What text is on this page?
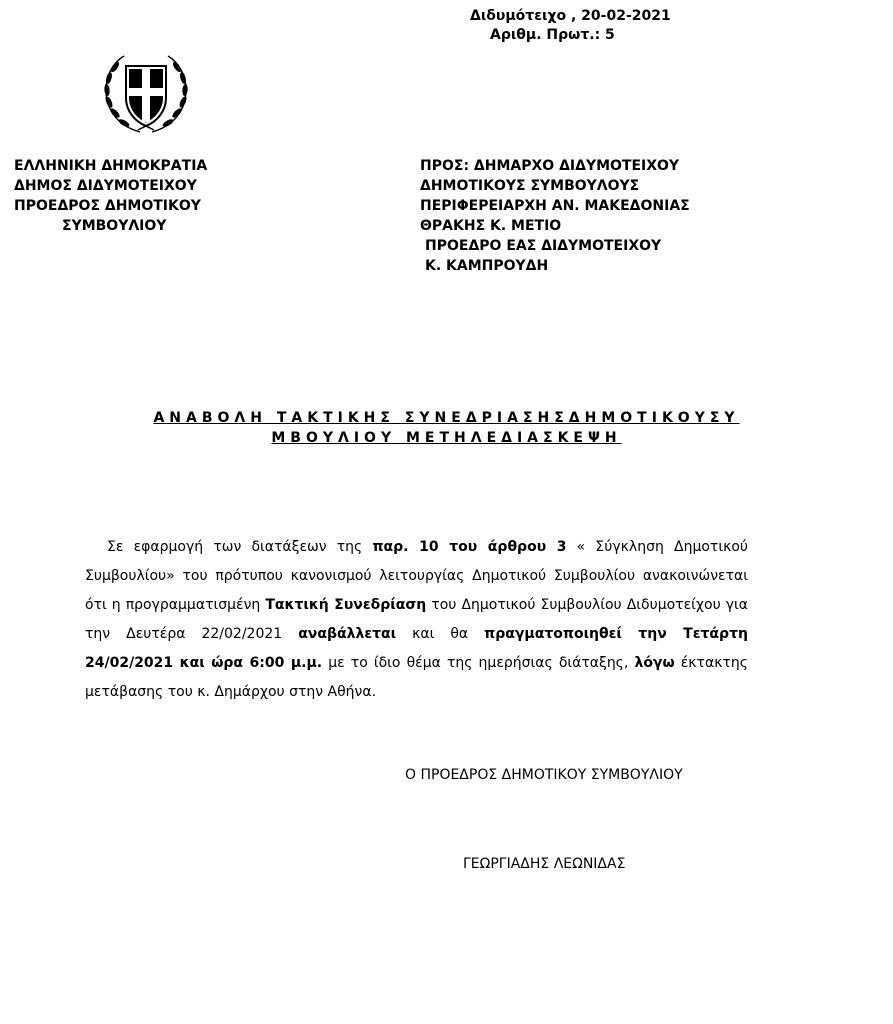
Διδυμότειχο , 20-02-2021
Αριθμ. Πρωτ.: 5
ΕΛΛΗΝΙΚΗ ΔΗΜΟΚΡΑΤΙΑ
ΔΗΜΟΣ ΔΙΔΥΜΟΤΕΙΧΟΥ
ΠΡΟΕΔΡΟΣ ΔΗΜΟΤΙΚΟΥ
ΣΥΜΒΟΥΛΙΟΥ
ΠΡΟΣ: ΔΗΜΑΡΧΟ ΔΙΔΥΜΟΤΕΙΧΟΥ
ΔΗΜΟΤΙΚΟΥΣ ΣΥΜΒΟΥΛΟΥΣ
ΠΕΡΙΦΕΡΕΙΑΡΧΗ ΑΝ. ΜΑΚΕΔΟΝΙΑΣ
ΘΡΑΚΗΣ Κ. ΜΕΤΙΟ
ΠΡΟΕΔΡΟ ΕΑΣ ΔΙΔΥΜΟΤΕΙΧΟΥ
Κ. ΚΑΜΠΡΟΥΔΗ
ΑΝΑΒΟΛΗ ΤΑΚΤΙΚΗΣ ΣΥΝΕΔΡΙΑΣΗΣΔΗΜΟΤΙΚΟΥΣΥ
ΜΒΟΥΛΙΟΥ ΜΕΤΗΛΕΔΙΑΣΚΕΨΗ
Σε εφαρμογή των διατάξεων της παρ. 10 του άρθρου 3 « Σύγκληση Δημοτικού Συμβουλίου» του πρότυπου κανονισμού λειτουργίας Δημοτικού Συμβουλίου ανακοινώνεται ότι η προγραμματισμένη Τακτική Συνεδρίαση του Δημοτικού Συμβουλίου Διδυμοτείχου για την Δευτέρα 22/02/2021 αναβάλλεται και θα πραγματοποιηθεί την Τετάρτη 24/02/2021 και ώρα 6:00 μ.μ. με το ίδιο θέμα της ημερήσιας διάταξης, λόγω έκτακτης μετάβασης του κ. Δημάρχου στην Αθήνα.
Ο ΠΡΟΕΔΡΟΣ ΔΗΜΟΤΙΚΟΥ ΣΥΜΒΟΥΛΙΟΥ
ΓΕΩΡΓΙΑΔΗΣ ΛΕΩΝΙΔΑΣ
